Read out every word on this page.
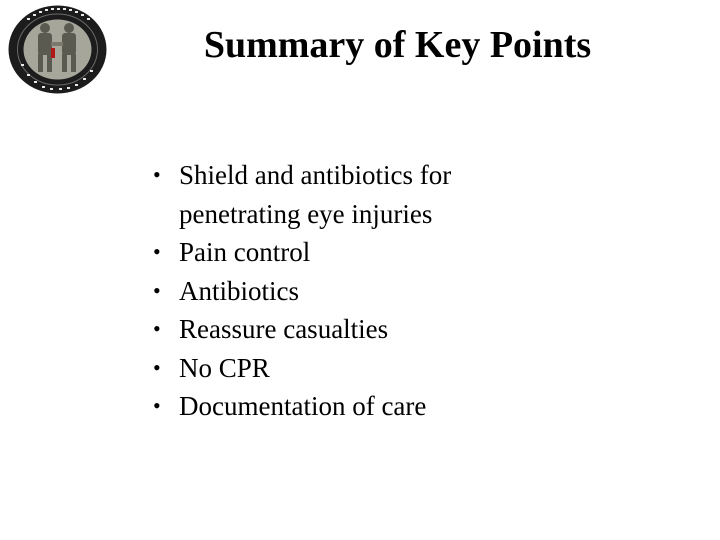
Summary of Key Points
• Shield and antibiotics for
penetrating eye injuries
• Pain control
• Antibiotics
• Reassure casualties
• No CPR
• Documentation of care
